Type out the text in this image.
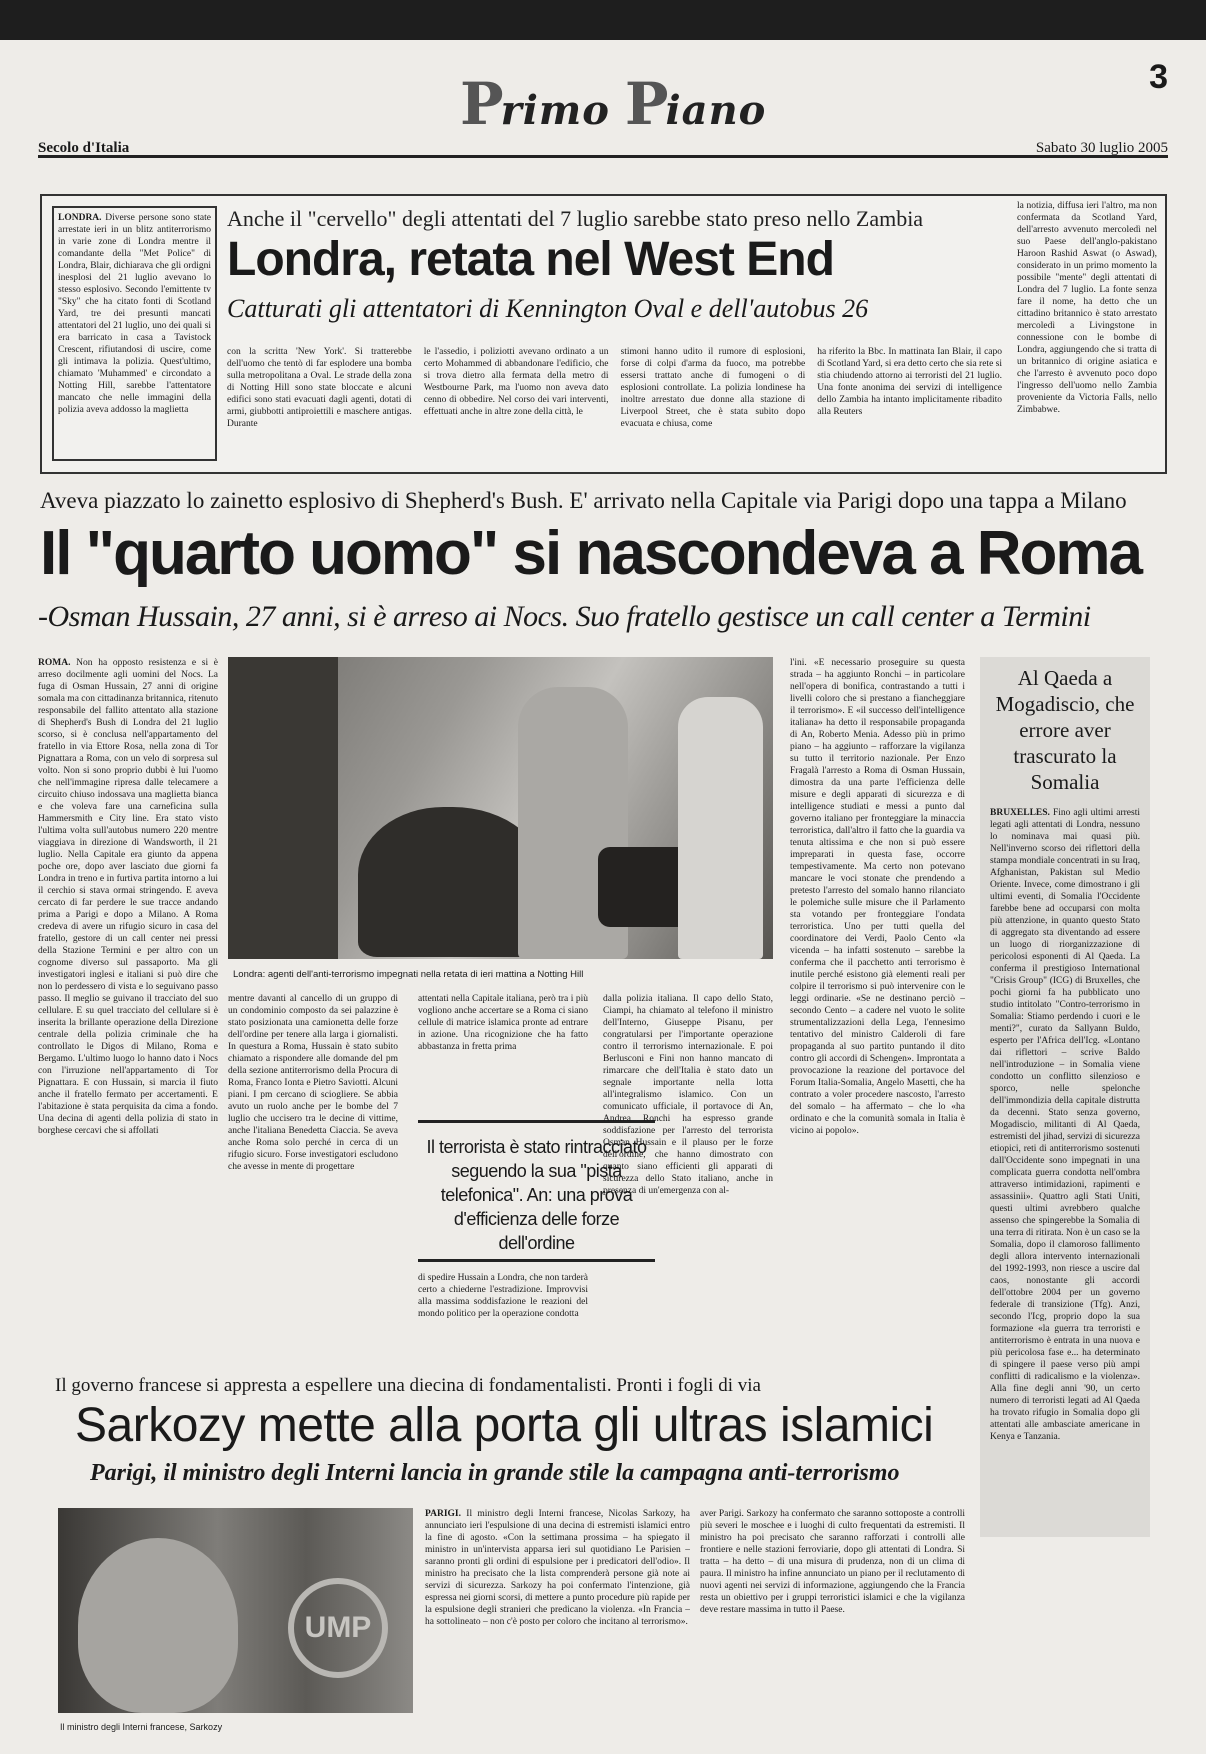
3
Primo Piano
Secolo d'Italia	Sabato 30 luglio 2005
LONDRA. Diverse persone sono state arrestate ieri in un blitz antiterrorismo in varie zone di Londra mentre il comandante della "Met Police" di Londra, Blair, dichiarava che gli ordigni inesplosi del 21 luglio avevano lo stesso esplosivo. Secondo l'emittente tv "Sky" che ha citato fonti di Scotland Yard, tre dei presunti mancati attentatori del 21 luglio, uno dei quali si era barricato in casa a Tavistock Crescent, rifiutandosi di uscire, come gli intimava la polizia. Quest'ultimo, chiamato 'Muhammed' e circondato a Notting Hill, sarebbe l'attentatore mancato che nelle immagini della polizia aveva addosso la maglietta
Anche il "cervello" degli attentati del 7 luglio sarebbe stato preso nello Zambia
Londra, retata nel West End
Catturati gli attentatori di Kennington Oval e dell'autobus 26
con la scritta 'New York'. Si tratterebbe dell'uomo che tentò di far esplodere una bomba sulla metropolitana a Oval. Le strade della zona di Notting Hill sono state bloccate e alcuni edifici sono stati evacuati dagli agenti, dotati di armi, giubbotti antiproiettili e maschere antigas. Durante
le l'assedio, i poliziotti avevano ordinato a un certo Mohammed di abbandonare l'edificio, che si trova dietro alla fermata della metro di Westbourne Park, ma l'uomo non aveva dato cenno di obbedire. Nel corso dei vari interventi, effettuati anche in altre zone della città, le
stimoni hanno udito il rumore di esplosioni, forse di colpi d'arma da fuoco, ma potrebbe essersi trattato anche di fumogeni o di esplosioni controllate. La polizia londinese ha inoltre arrestato due donne alla stazione di Liverpool Street, che è stata subito dopo evacuata e chiusa, come
ha riferito la Bbc. In mattinata Ian Blair, il capo di Scotland Yard, si era detto certo che sia rete si stia chiudendo attorno ai terroristi del 21 luglio. Una fonte anonima dei servizi di intelligence dello Zambia ha intanto implicitamente ribadito alla Reuters
la notizia, diffusa ieri l'altro, ma non confermata da Scotland Yard, dell'arresto avvenuto mercoledì nel suo Paese dell'anglo-pakistano Haroon Rashid Aswat (o Aswad), considerato in un primo momento la possibile "mente" degli attentati di Londra del 7 luglio. La fonte senza fare il nome, ha detto che un cittadino britannico è stato arrestato mercoledì a Livingstone in connessione con le bombe di Londra, aggiungendo che si tratta di un britannico di origine asiatica e che l'arresto è avvenuto poco dopo l'ingresso dell'uomo nello Zambia proveniente da Victoria Falls, nello Zimbabwe.
Aveva piazzato lo zainetto esplosivo di Shepherd's Bush. E' arrivato nella Capitale via Parigi dopo una tappa a Milano
Il "quarto uomo" si nascondeva a Roma
-Osman Hussain, 27 anni, si è arreso ai Nocs. Suo fratello gestisce un call center a Termini
ROMA. Non ha opposto resistenza e si è arreso docilmente agli uomini del Nocs. La fuga di Osman Hussain, 27 anni di origine somala ma con cittadinanza britannica, ritenuto responsabile del fallito attentato alla stazione di Shepherd's Bush di Londra del 21 luglio scorso, si è conclusa nell'appartamento del fratello in via Ettore Rosa, nella zona di Tor Pignattara a Roma, con un velo di sorpresa sul volto. Non si sono proprio dubbi è lui l'uomo che nell'immagine ripresa dalle telecamere a circuito chiuso indossava una maglietta bianca e che voleva fare una carneficina sulla Hammersmith e City line. Era stato visto l'ultima volta sull'autobus numero 220 mentre viaggiava in direzione di Wandsworth, il 21 luglio. Nella Capitale era giunto da appena poche ore, dopo aver lasciato due giorni fa Londra in treno e in furtiva partita intorno a lui il cerchio si stava ormai stringendo. E aveva cercato di far perdere le sue tracce andando prima a Parigi e dopo a Milano. A Roma credeva di avere un rifugio sicuro in casa del fratello, gestore di un call center nei pressi della Stazione Termini e per altro con un cognome diverso sul passaporto. Ma gli investigatori inglesi e italiani si può dire che non lo perdessero di vista e lo seguivano passo passo. Il meglio se guivano il tracciato del suo cellulare. E su quel tracciato del cellulare si è inserita la brillante operazione della Direzione centrale della polizia criminale che ha controllato le Digos di Milano, Roma e Bergamo. L'ultimo luogo lo hanno dato i Nocs con l'irruzione nell'appartamento di Tor Pignattara. E con Hussain, si marcia il fiuto anche il fratello fermato per accertamenti. E l'abitazione è stata perquisita da cima a fondo. Una decina di agenti della polizia di stato in borghese cercavi che si affollati
Londra: agenti dell'anti-terrorismo impegnati nella retata di ieri mattina a Notting Hill
mentre davanti al cancello di un gruppo di un condominio composto da sei palazzine è stato posizionata una camionetta delle forze dell'ordine per tenere alla larga i giornalisti. In questura a Roma, Hussain è stato subito chiamato a rispondere alle domande del pm della sezione antiterrorismo della Procura di Roma, Franco Ionta e Pietro Saviotti. Alcuni piani. I pm cercano di sciogliere. Se abbia avuto un ruolo anche per le bombe del 7 luglio che uccisero tra le decine di vittime, anche l'italiana Benedetta Ciaccia. Se aveva anche Roma solo perché in cerca di un rifugio sicuro. Forse investigatori escludono che avesse in mente di progettare
attentati nella Capitale italiana, però tra i più vogliono anche accertare se a Roma ci siano cellule di matrice islamica pronte ad entrare in azione. Una ricognizione che ha fatto abbastanza in fretta prima
Il terrorista è stato rintracciato seguendo la sua "pista telefonica". An: una prova d'efficienza delle forze dell'ordine
di spedire Hussain a Londra, che non tarderà certo a chiederne l'estradizione. Improvvisi alla massima soddisfazione le reazioni del mondo politico per la operazione condotta
dalla polizia italiana. Il capo dello Stato, Ciampi, ha chiamato al telefono il ministro dell'Interno, Giuseppe Pisanu, per congratularsi per l'importante operazione contro il terrorismo internazionale. E poi Berlusconi e Fini non hanno mancato di rimarcare che dell'Italia è stato dato un segnale importante nella lotta all'integralismo islamico. Con un comunicato ufficiale, il portavoce di An, Andrea Ronchi ha espresso grande soddisfazione per l'arresto del terrorista Osman Hussain e il plauso per le forze dell'ordine, che hanno dimostrato con quanto siano efficienti gli apparati di sicurezza dello Stato italiano, anche in presenza di un'emergenza con al-
l'ini. «E necessario proseguire su questa strada – ha aggiunto Ronchi – in particolare nell'opera di bonifica, contrastando a tutti i livelli coloro che si prestano a fiancheggiare il terrorismo». E «il successo dell'intelligence italiana» ha detto il responsabile propaganda di An, Roberto Menia. Adesso più in primo piano – ha aggiunto – rafforzare la vigilanza su tutto il territorio nazionale. Per Enzo Fragalà l'arresto a Roma di Osman Hussain, dimostra da una parte l'efficienza delle misure e degli apparati di sicurezza e di intelligence studiati e messi a punto dal governo italiano per fronteggiare la minaccia terroristica, dall'altro il fatto che la guardia va tenuta altissima e che non si può essere impreparati in questa fase, occorre tempestivamente. Ma certo non potevano mancare le voci stonate che prendendo a pretesto l'arresto del somalo hanno rilanciato le polemiche sulle misure che il Parlamento sta votando per fronteggiare l'ondata terroristica. Uno per tutti quella del coordinatore dei Verdi, Paolo Cento «la vicenda – ha infatti sostenuto – sarebbe la conferma che il pacchetto anti terrorismo è inutile perché esistono già elementi reali per colpire il terrorismo si può intervenire con le leggi ordinarie. «Se ne destinano perciò – secondo Cento – a cadere nel vuoto le solite strumentalizzazioni della Lega, l'ennesimo tentativo del ministro Calderoli di fare propaganda al suo partito puntando il dito contro gli accordi di Schengen». Improntata a provocazione la reazione del portavoce del Forum Italia-Somalia, Angelo Masetti, che ha contrato a voler procedere nascosto, l'arresto del somalo – ha affermato – che lo «ha ordinato e che la comunità somala in Italia è vicino ai popolo».
Al Qaeda a Mogadiscio, che errore aver trascurato la Somalia
BRUXELLES. Fino agli ultimi arresti legati agli attentati di Londra, nessuno lo nominava mai quasi più. Nell'inverno scorso dei riflettori della stampa mondiale concentrati in su Iraq, Afghanistan, Pakistan sul Medio Oriente. Invece, come dimostrano i gli ultimi eventi, di Somalia l'Occidente farebbe bene ad occuparsi con molta più attenzione, in quanto questo Stato di aggregato sta diventando ad essere un luogo di riorganizzazione di pericolosi esponenti di Al Qaeda. La conferma il prestigioso International "Crisis Group" (ICG) di Bruxelles, che pochi giorni fa ha pubblicato uno studio intitolato "Contro-terrorismo in Somalia: Stiamo perdendo i cuori e le menti?", curato da Sallyann Buldo, esperto per l'Africa dell'Icg. «Lontano dai riflettori – scrive Baldo nell'introduzione – in Somalia viene condotto un conflitto silenzioso e sporco, nelle spelonche dell'immondizia della capitale distrutta da decenni. Stato senza governo, Mogadiscio, militanti di Al Qaeda, estremisti del jihad, servizi di sicurezza etiopici, reti di antiterrorismo sostenuti dall'Occidente sono impegnati in una complicata guerra condotta nell'ombra attraverso intimidazioni, rapimenti e assassinii». Quattro agli Stati Uniti, questi ultimi avrebbero qualche assenso che spingerebbe la Somalia di una terra di ritirata. Non è un caso se la Somalia, dopo il clamoroso fallimento degli allora intervento internazionali del 1992-1993, non riesce a uscire dal caos, nonostante gli accordi dell'ottobre 2004 per un governo federale di transizione (Tfg). Anzi, secondo l'Icg, proprio dopo la sua formazione «la guerra tra terroristi e antiterrorismo è entrata in una nuova e più pericolosa fase e... ha determinato di spingere il paese verso più ampi conflitti di radicalismo e la violenza». Alla fine degli anni '90, un certo numero di terroristi legati ad Al Qaeda ha trovato rifugio in Somalia dopo gli attentati alle ambasciate americane in Kenya e Tanzania.
Il governo francese si appresta a espellere una diecina di fondamentalisti. Pronti i fogli di via
Sarkozy mette alla porta gli ultras islamici
Parigi, il ministro degli Interni lancia in grande stile la campagna anti-terrorismo
UMP
Il ministro degli Interni francese, Sarkozy
PARIGI. Il ministro degli Interni francese, Nicolas Sarkozy, ha annunciato ieri l'espulsione di una decina di estremisti islamici entro la fine di agosto. «Con la settimana prossima – ha spiegato il ministro in un'intervista apparsa ieri sul quotidiano Le Parisien – saranno pronti gli ordini di espulsione per i predicatori dell'odio». Il ministro ha precisato che la lista comprenderà persone già note ai servizi di sicurezza. Sarkozy ha poi confermato l'intenzione, già espressa nei giorni scorsi, di mettere a punto procedure più rapide per la espulsione degli stranieri che predicano la violenza. «In Francia – ha sottolineato – non c'è posto per coloro che incitano al terrorismo».
aver Parigi. Sarkozy ha confermato che saranno sottoposte a controlli più severi le moschee e i luoghi di culto frequentati da estremisti. Il ministro ha poi precisato che saranno rafforzati i controlli alle frontiere e nelle stazioni ferroviarie, dopo gli attentati di Londra. Si tratta – ha detto – di una misura di prudenza, non di un clima di paura. Il ministro ha infine annunciato un piano per il reclutamento di nuovi agenti nei servizi di informazione, aggiungendo che la Francia resta un obiettivo per i gruppi terroristici islamici e che la vigilanza deve restare massima in tutto il Paese.
